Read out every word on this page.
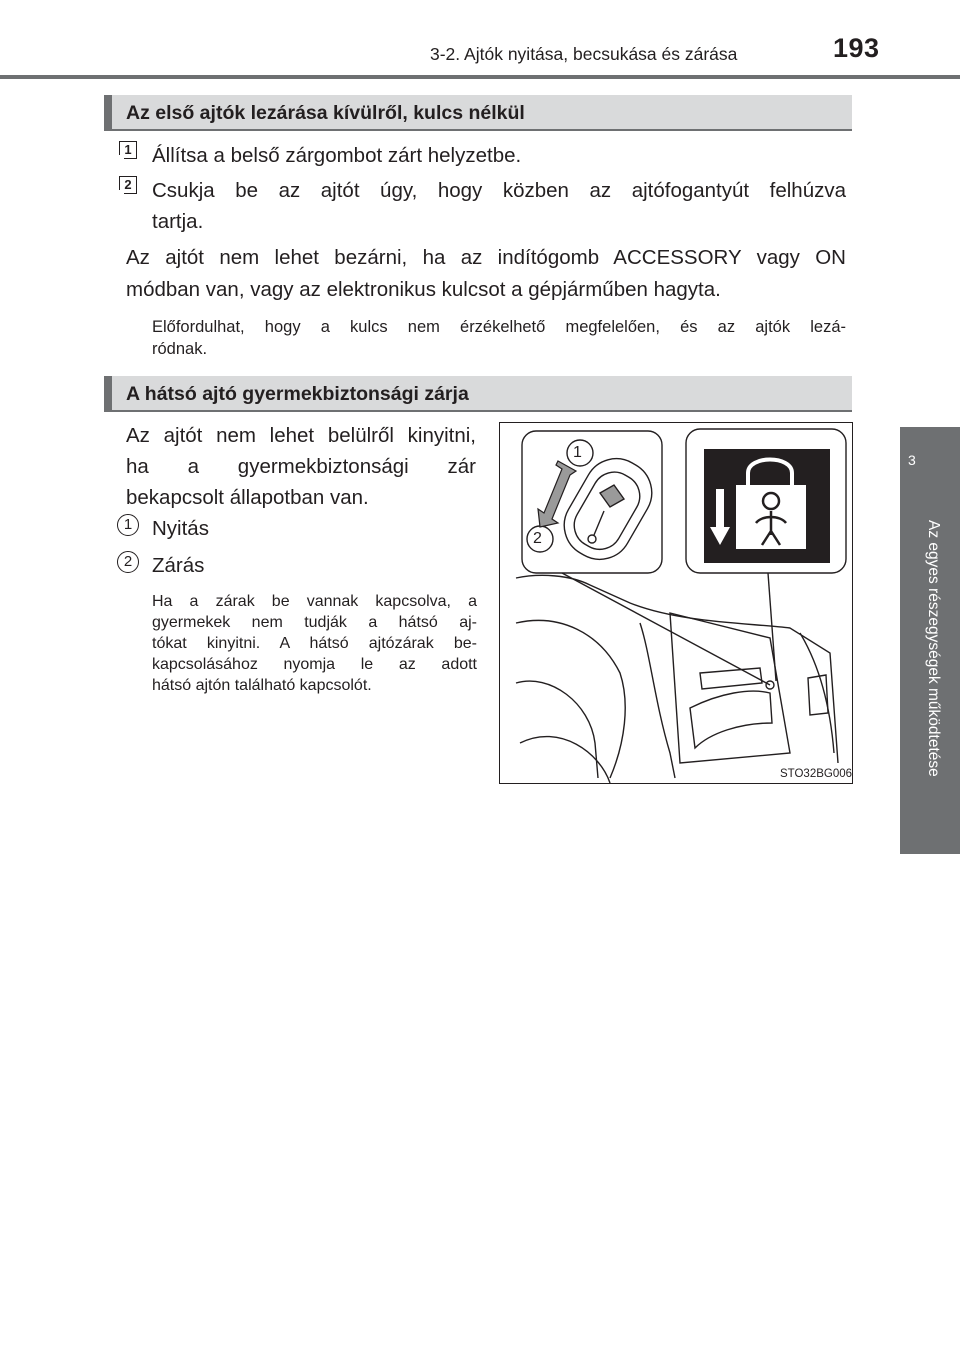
3-2. Ajtók nyitása, becsukása és zárása	193
3
Az egyes részegységek működtetése
Az első ajtók lezárása kívülről, kulcs nélkül
1 Állítsa a belső zárgombot zárt helyzetbe.
2 Csukja be az ajtót úgy, hogy közben az ajtófogantyút felhúzva
tartja.
Az ajtót nem lehet bezárni, ha az indítógomb ACCESSORY vagy ON
módban van, vagy az elektronikus kulcsot a gépjárműben hagyta.
Előfordulhat, hogy a kulcs nem érzékelhető megfelelően, és az ajtók lezá-
ródnak.
A hátsó ajtó gyermekbiztonsági zárja
Az ajtót nem lehet belülről kinyitni,
ha a gyermekbiztonsági zár
bekapcsolt állapotban van.
1 Nyitás
2 Zárás
Ha a zárak be vannak kapcsolva, a
gyermekek nem tudják a hátsó aj-
tókat kinyitni. A hátsó ajtózárak be-
kapcsolásához nyomja le az adott
hátsó ajtón található kapcsolót.
1
2
STO32BG006
